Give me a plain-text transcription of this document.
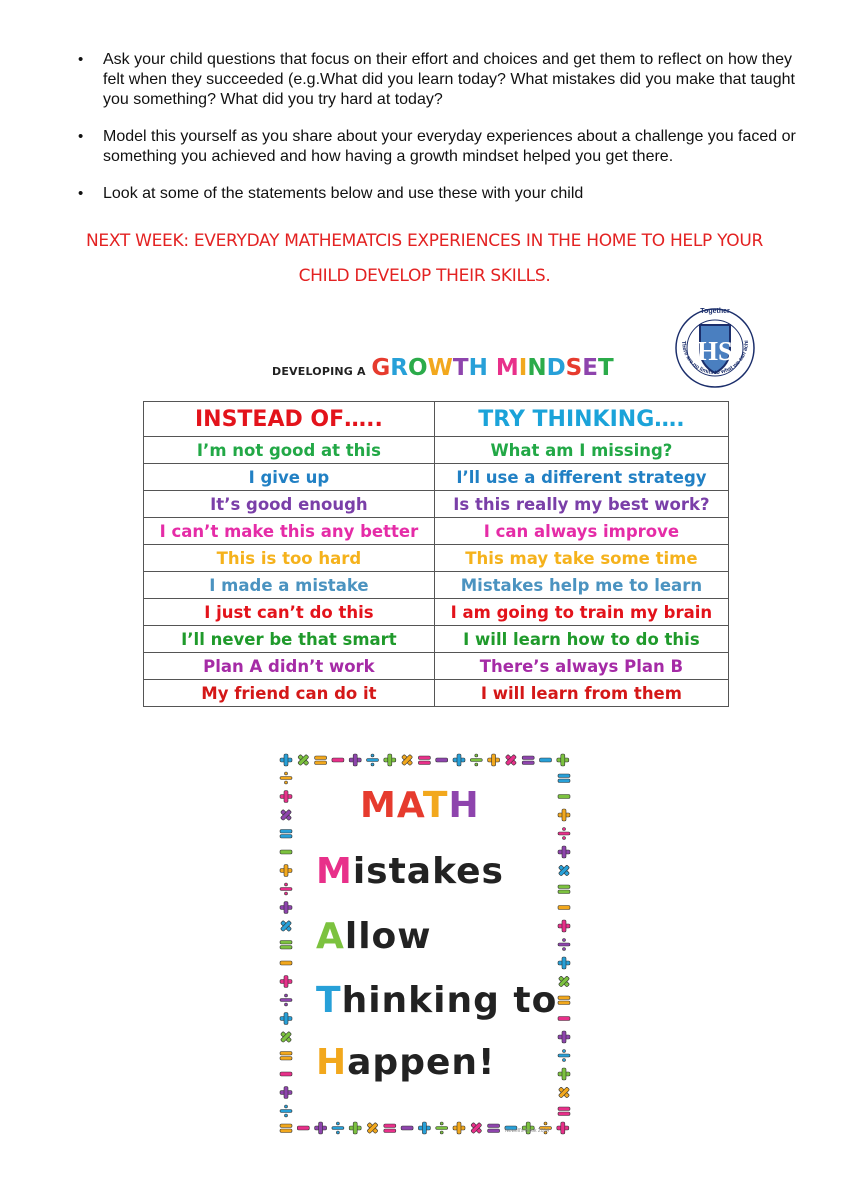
• Ask your child questions that focus on their effort and choices and get them to reflect on how they felt when they succeeded (e.g.What did you learn today? What mistakes did you make that taught you something? What did you try hard at today?
• Model this yourself as you share about your everyday experiences about a challenge you faced or something you achieved and how having a growth mindset helped you get there.
• Look at some of the statements below and use these with your child
NEXT WEEK: EVERYDAY MATHEMATCIS EXPERIENCES IN THE HOME TO HELP YOUR
CHILD DEVELOP THEIR SKILLS.
HS
Together
There are no limits to what we can achi
DEVELOPING A GROWTH MINDSET
INSTEAD OF…..	TRY THINKING….
I’m not good at this	What am I missing?
I give up	I’ll use a different strategy
It’s good enough	Is this really my best work?
I can’t make this any better	I can always improve
This is too hard	This may take some time
I made a mistake	Mistakes help me to learn
I just can’t do this	I am going to train my brain
I’ll never be that smart	I will learn how to do this
Plan A didn’t work	There’s always Plan B
My friend can do it	I will learn from them
MATH
Mistakes
Allow
Thinking to
Happen!
Newell's Nook 2014
